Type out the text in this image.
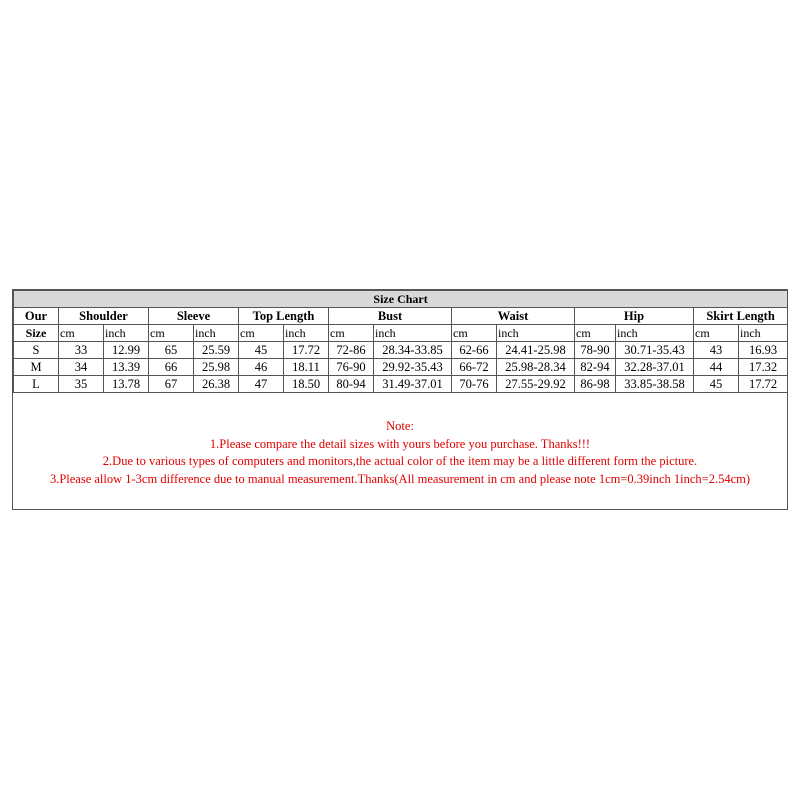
Size Chart														
Our	Shoulder		Sleeve		Top Length		Bust		Waist		Hip		Skirt Length	
Size	cm	inch	cm	inch	cm	inch	cm	inch	cm	inch	cm	inch	cm	inch
S	33	12.99	65	25.59	45	17.72	72-86	28.34-33.85	62-66	24.41-25.98	78-90	30.71-35.43	43	16.93
M	34	13.39	66	25.98	46	18.11	76-90	29.92-35.43	66-72	25.98-28.34	82-94	32.28-37.01	44	17.32
L	35	13.78	67	26.38	47	18.50	80-94	31.49-37.01	70-76	27.55-29.92	86-98	33.85-38.58	45	17.72
Note:
1.Please compare the detail sizes with yours before you purchase. Thanks!!!
2.Due to various types of computers and monitors,the actual color of the item may be a little different form the picture.
3.Please allow 1-3cm difference due to manual measurement.Thanks(All measurement in cm and please note 1cm=0.39inch 1inch=2.54cm)
